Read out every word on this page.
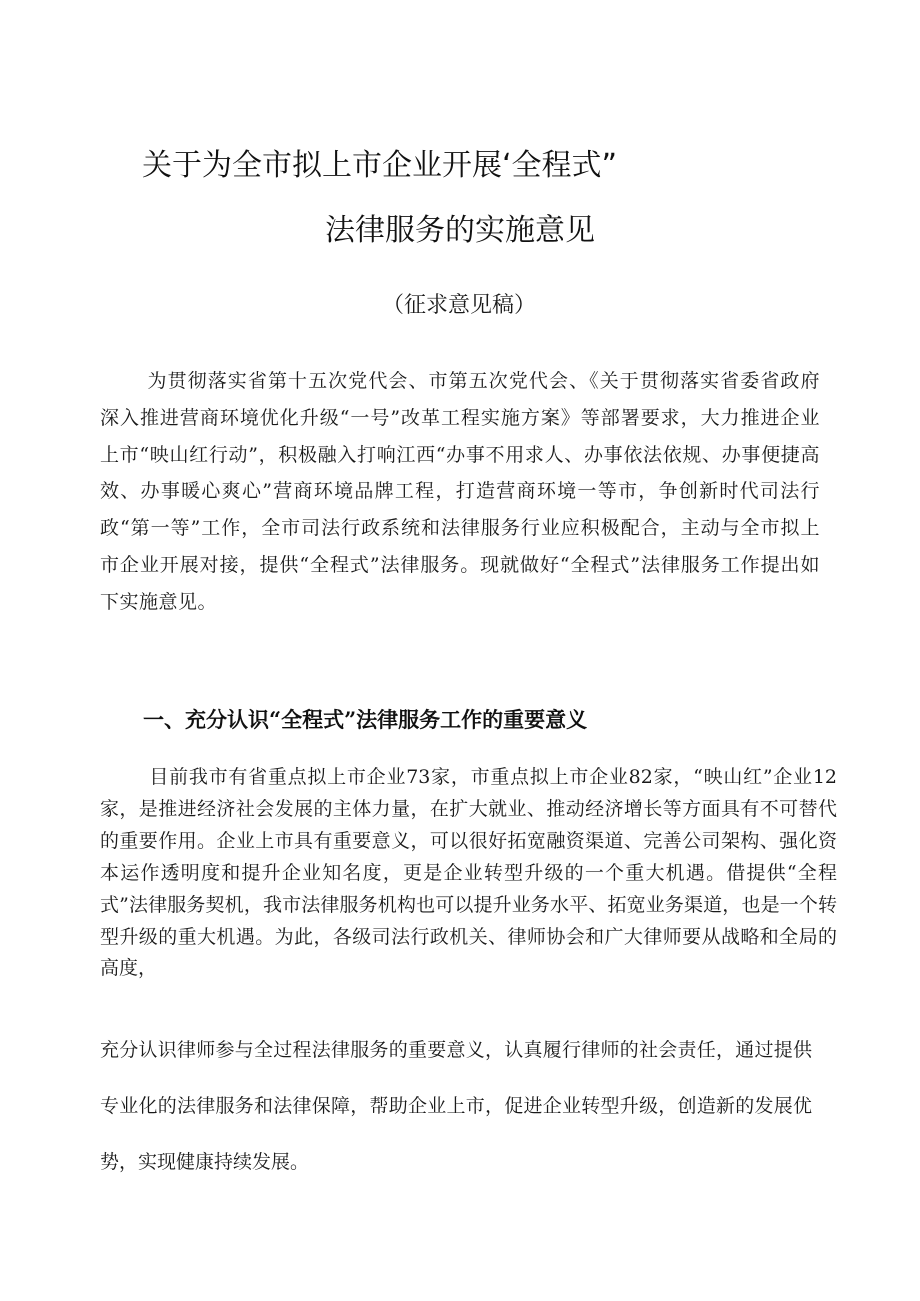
关于为全市拟上市企业开展‘全程式”
法律服务的实施意见

（征求意见稿）

为贯彻落实省第十五次党代会、市第五次党代会、《关于贯彻落实省委省政府深入推进营商环境优化升级“一号”改革工程实施方案》等部署要求，大力推进企业上市“映山红行动”，积极融入打响江西“办事不用求人、办事依法依规、办事便捷高效、办事暖心爽心”营商环境品牌工程，打造营商环境一等市，争创新时代司法行政“第一等”工作，全市司法行政系统和法律服务行业应积极配合，主动与全市拟上市企业开展对接，提供“全程式”法律服务。现就做好“全程式”法律服务工作提出如下实施意见。

一、充分认识“全程式”法律服务工作的重要意义

目前我市有省重点拟上市企业73家，市重点拟上市企业82家，“映山红”企业12家，是推进经济社会发展的主体力量，在扩大就业、推动经济增长等方面具有不可替代的重要作用。企业上市具有重要意义，可以很好拓宽融资渠道、完善公司架构、强化资本运作透明度和提升企业知名度，更是企业转型升级的一个重大机遇。借提供“全程式”法律服务契机，我市法律服务机构也可以提升业务水平、拓宽业务渠道，也是一个转型升级的重大机遇。为此，各级司法行政机关、律师协会和广大律师要从战略和全局的高度，

充分认识律师参与全过程法律服务的重要意义，认真履行律师的社会责任，通过提供专业化的法律服务和法律保障，帮助企业上市，促进企业转型升级，创造新的发展优势，实现健康持续发展。
